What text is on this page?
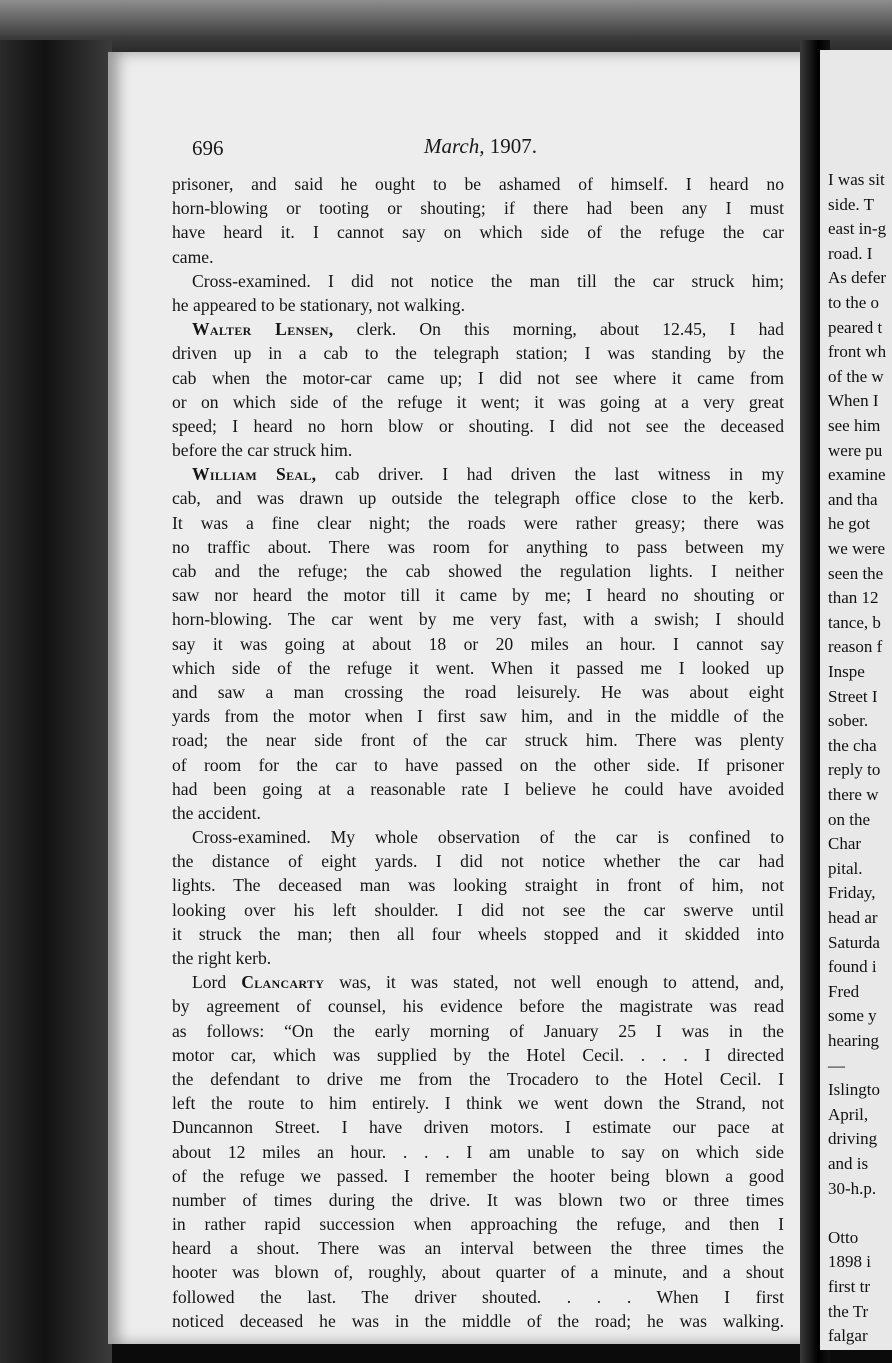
696	March, 1907.
prisoner, and said he ought to be ashamed of himself. I heard no
horn-blowing or tooting or shouting; if there had been any I must
have heard it. I cannot say on which side of the refuge the car
came.
Cross-examined. I did not notice the man till the car struck him;
he appeared to be stationary, not walking.
Walter Lensen, clerk. On this morning, about 12.45, I had
driven up in a cab to the telegraph station; I was standing by the
cab when the motor-car came up; I did not see where it came from
or on which side of the refuge it went; it was going at a very great
speed; I heard no horn blow or shouting. I did not see the deceased
before the car struck him.
William Seal, cab driver. I had driven the last witness in my
cab, and was drawn up outside the telegraph office close to the kerb.
It was a fine clear night; the roads were rather greasy; there was
no traffic about. There was room for anything to pass between my
cab and the refuge; the cab showed the regulation lights. I neither
saw nor heard the motor till it came by me; I heard no shouting or
horn-blowing. The car went by me very fast, with a swish; I should
say it was going at about 18 or 20 miles an hour. I cannot say
which side of the refuge it went. When it passed me I looked up
and saw a man crossing the road leisurely. He was about eight
yards from the motor when I first saw him, and in the middle of the
road; the near side front of the car struck him. There was plenty
of room for the car to have passed on the other side. If prisoner
had been going at a reasonable rate I believe he could have avoided
the accident.
Cross-examined. My whole observation of the car is confined to
the distance of eight yards. I did not notice whether the car had
lights. The deceased man was looking straight in front of him, not
looking over his left shoulder. I did not see the car swerve until
it struck the man; then all four wheels stopped and it skidded into
the right kerb.
Lord Clancarty was, it was stated, not well enough to attend, and,
by agreement of counsel, his evidence before the magistrate was read
as follows: “On the early morning of January 25 I was in the
motor car, which was supplied by the Hotel Cecil. . . . I directed
the defendant to drive me from the Trocadero to the Hotel Cecil. I
left the route to him entirely. I think we went down the Strand, not
Duncannon Street. I have driven motors. I estimate our pace at
about 12 miles an hour. . . . I am unable to say on which side
of the refuge we passed. I remember the hooter being blown a good
number of times during the drive. It was blown two or three times
in rather rapid succession when approaching the refuge, and then I
heard a shout. There was an interval between the three times the
hooter was blown of, roughly, about quarter of a minute, and a shout
followed the last. The driver shouted. . . . When I first
noticed deceased he was in the middle of the road; he was walking.
I was sit
side. T
east in-g
road. I
As defer
to the o
peared t
front wh
of the w
When I
see him
were pu
examine
and tha
he got
we were
seen the
than 12
tance, b
reason f
Inspe
Street I
sober.
the cha
reply to
there w
on the
Char
pital.
Friday,
head ar
Saturda
found i
Fred
some y
hearing
—
Islingto
April,
driving
and is
30-h.p.
Otto
1898 i
first tr
the Tr
falgar
